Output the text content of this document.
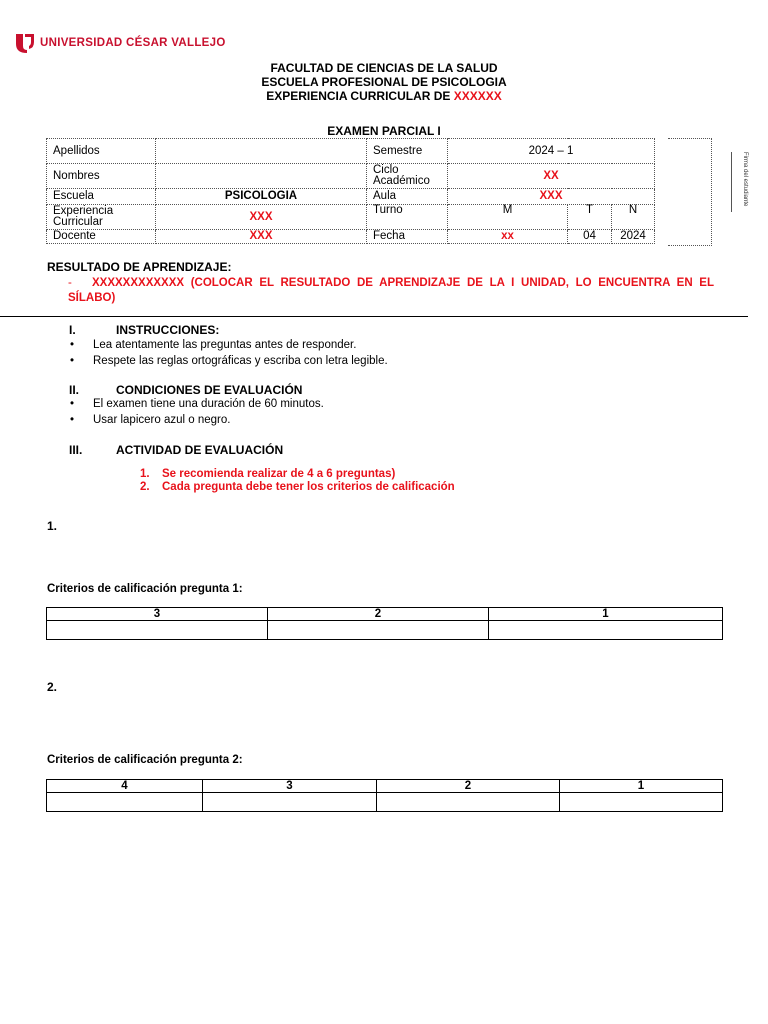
UNIVERSIDAD CÉSAR VALLEJO
FACULTAD DE CIENCIAS DE LA SALUD
ESCUELA PROFESIONAL DE PSICOLOGIA
EXPERIENCIA CURRICULAR DE XXXXXX
EXAMEN PARCIAL I
Apellidos		Semestre	2024 – 1		
Nombres		Ciclo Académico	XX		
Escuela	PSICOLOGIA	Aula	XXX		
Experiencia Curricular	XXX	Turno	M	T	N
Docente	XXX	Fecha	xx	04	2024
Firma del estudiante
RESULTADO DE APRENDIZAJE:
- XXXXXXXXXXXX (COLOCAR EL RESULTADO DE APRENDIZAJE DE LA I UNIDAD, LO ENCUENTRA EN EL SÍLABO)
I.	INSTRUCCIONES:
• Lea atentamente las preguntas antes de responder.
• Respete las reglas ortográficas y escriba con letra legible.
II.	CONDICIONES DE EVALUACIÓN
• El examen tiene una duración de 60 minutos.
• Usar lapicero azul o negro.
III.	ACTIVIDAD DE EVALUACIÓN
1. Se recomienda realizar de 4 a 6 preguntas)
2. Cada pregunta debe tener los criterios de calificación
1.
Criterios de calificación pregunta 1:
3	2	1

2.
Criterios de calificación pregunta 2:
4	3	2	1
